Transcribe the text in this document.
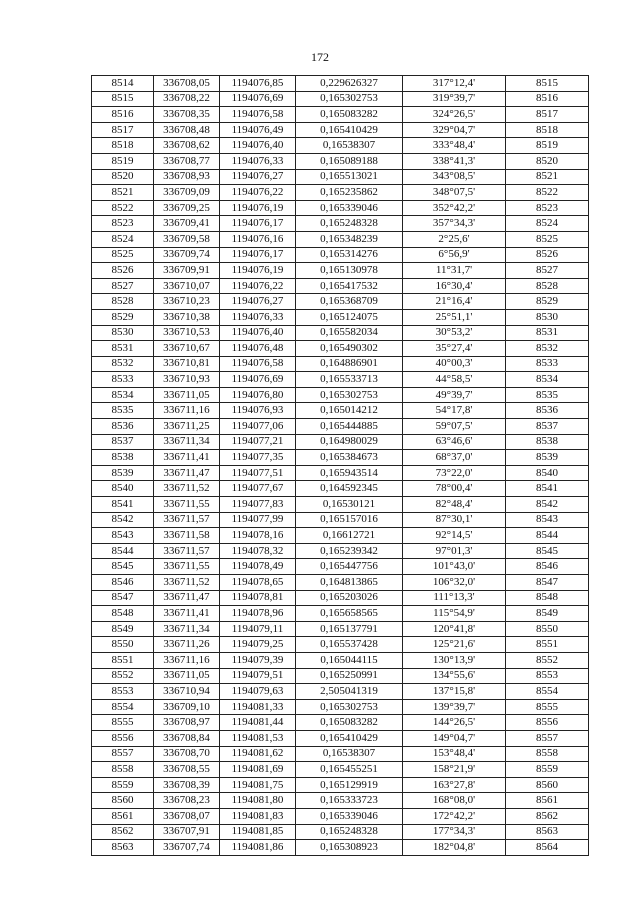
172
8514	336708,05	1194076,85	0,229626327	317°12,4'	8515
8515	336708,22	1194076,69	0,165302753	319°39,7'	8516
8516	336708,35	1194076,58	0,165083282	324°26,5'	8517
8517	336708,48	1194076,49	0,165410429	329°04,7'	8518
8518	336708,62	1194076,40	0,16538307	333°48,4'	8519
8519	336708,77	1194076,33	0,165089188	338°41,3'	8520
8520	336708,93	1194076,27	0,165513021	343°08,5'	8521
8521	336709,09	1194076,22	0,165235862	348°07,5'	8522
8522	336709,25	1194076,19	0,165339046	352°42,2'	8523
8523	336709,41	1194076,17	0,165248328	357°34,3'	8524
8524	336709,58	1194076,16	0,165348239	2°25,6'	8525
8525	336709,74	1194076,17	0,165314276	6°56,9'	8526
8526	336709,91	1194076,19	0,165130978	11°31,7'	8527
8527	336710,07	1194076,22	0,165417532	16°30,4'	8528
8528	336710,23	1194076,27	0,165368709	21°16,4'	8529
8529	336710,38	1194076,33	0,165124075	25°51,1'	8530
8530	336710,53	1194076,40	0,165582034	30°53,2'	8531
8531	336710,67	1194076,48	0,165490302	35°27,4'	8532
8532	336710,81	1194076,58	0,164886901	40°00,3'	8533
8533	336710,93	1194076,69	0,165533713	44°58,5'	8534
8534	336711,05	1194076,80	0,165302753	49°39,7'	8535
8535	336711,16	1194076,93	0,165014212	54°17,8'	8536
8536	336711,25	1194077,06	0,165444885	59°07,5'	8537
8537	336711,34	1194077,21	0,164980029	63°46,6'	8538
8538	336711,41	1194077,35	0,165384673	68°37,0'	8539
8539	336711,47	1194077,51	0,165943514	73°22,0'	8540
8540	336711,52	1194077,67	0,164592345	78°00,4'	8541
8541	336711,55	1194077,83	0,16530121	82°48,4'	8542
8542	336711,57	1194077,99	0,165157016	87°30,1'	8543
8543	336711,58	1194078,16	0,16612721	92°14,5'	8544
8544	336711,57	1194078,32	0,165239342	97°01,3'	8545
8545	336711,55	1194078,49	0,165447756	101°43,0'	8546
8546	336711,52	1194078,65	0,164813865	106°32,0'	8547
8547	336711,47	1194078,81	0,165203026	111°13,3'	8548
8548	336711,41	1194078,96	0,165658565	115°54,9'	8549
8549	336711,34	1194079,11	0,165137791	120°41,8'	8550
8550	336711,26	1194079,25	0,165537428	125°21,6'	8551
8551	336711,16	1194079,39	0,165044115	130°13,9'	8552
8552	336711,05	1194079,51	0,165250991	134°55,6'	8553
8553	336710,94	1194079,63	2,505041319	137°15,8'	8554
8554	336709,10	1194081,33	0,165302753	139°39,7'	8555
8555	336708,97	1194081,44	0,165083282	144°26,5'	8556
8556	336708,84	1194081,53	0,165410429	149°04,7'	8557
8557	336708,70	1194081,62	0,16538307	153°48,4'	8558
8558	336708,55	1194081,69	0,165455251	158°21,9'	8559
8559	336708,39	1194081,75	0,165129919	163°27,8'	8560
8560	336708,23	1194081,80	0,165333723	168°08,0'	8561
8561	336708,07	1194081,83	0,165339046	172°42,2'	8562
8562	336707,91	1194081,85	0,165248328	177°34,3'	8563
8563	336707,74	1194081,86	0,165308923	182°04,8'	8564
